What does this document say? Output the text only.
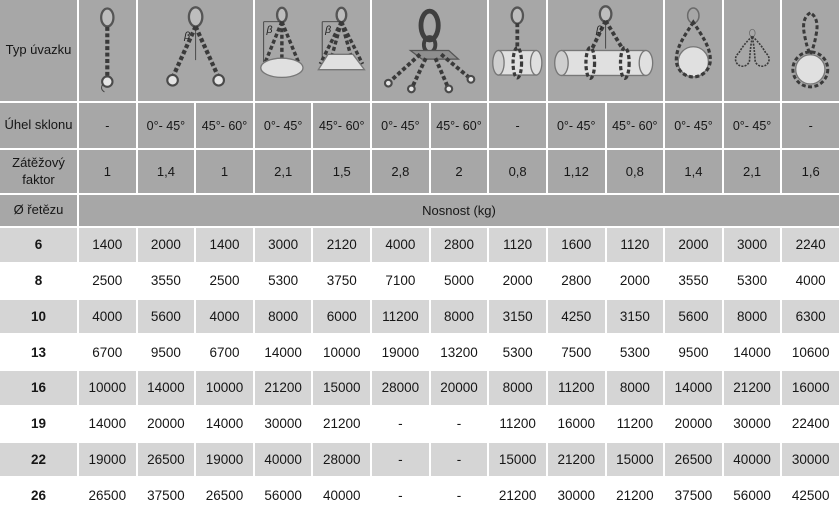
Typ úvazku
β	β	β	β
Úhel sklonu	-	0°- 45°	45°- 60°	0°- 45°	45°- 60°	0°- 45°	45°- 60°	-	0°- 45°	45°- 60°	0°- 45°	0°- 45°	-
Zátěžový faktor	1	1,4	1	2,1	1,5	2,8	2	0,8	1,12	0,8	1,4	2,1	1,6
Ø řetězu	Nosnost (kg)
6	1400	2000	1400	3000	2120	4000	2800	1120	1600	1120	2000	3000	2240
8	2500	3550	2500	5300	3750	7100	5000	2000	2800	2000	3550	5300	4000
10	4000	5600	4000	8000	6000	11200	8000	3150	4250	3150	5600	8000	6300
13	6700	9500	6700	14000	10000	19000	13200	5300	7500	5300	9500	14000	10600
16	10000	14000	10000	21200	15000	28000	20000	8000	11200	8000	14000	21200	16000
19	14000	20000	14000	30000	21200	-	-	11200	16000	11200	20000	30000	22400
22	19000	26500	19000	40000	28000	-	-	15000	21200	15000	26500	40000	30000
26	26500	37500	26500	56000	40000	-	-	21200	30000	21200	37500	56000	42500
